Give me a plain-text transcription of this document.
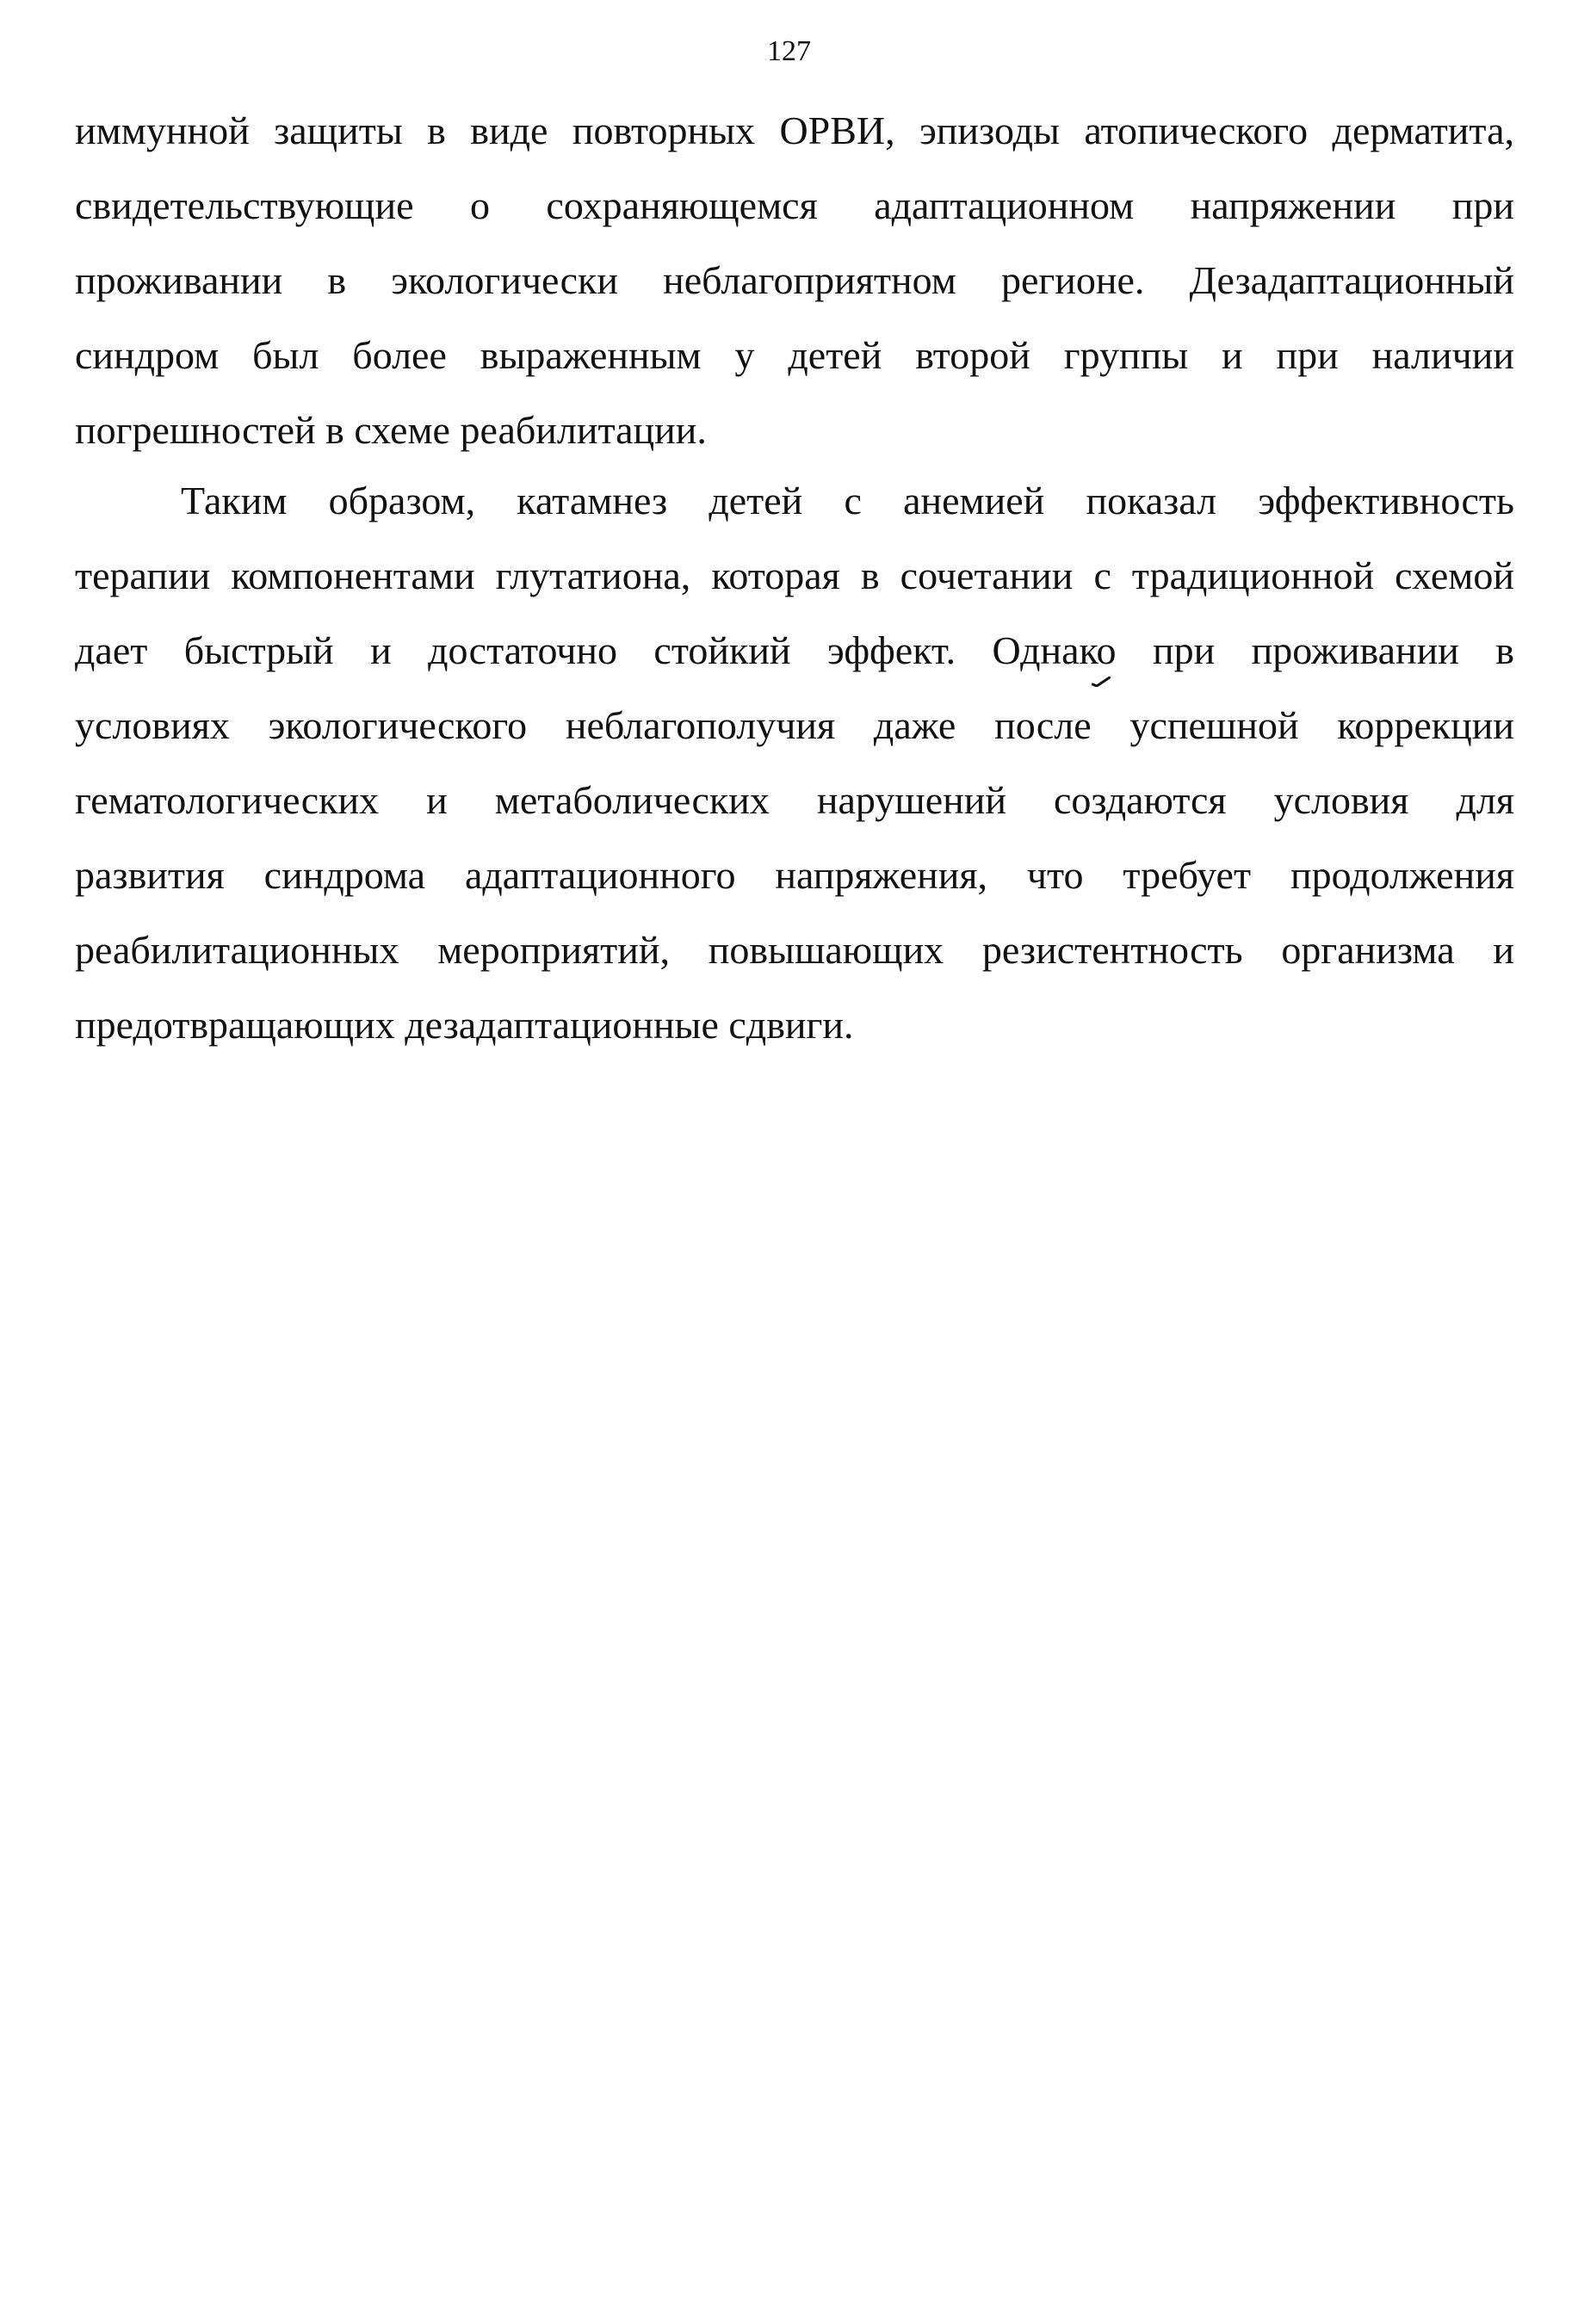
127
иммунной защиты в виде повторных ОРВИ, эпизоды атопического дерматита,
свидетельствующие о сохраняющемся адаптационном напряжении при
проживании в экологически неблагоприятном регионе. Дезадаптационный
синдром был более выраженным у детей второй группы и при наличии
погрешностей в схеме реабилитации.
Таким образом, катамнез детей с анемией показал эффективность
терапии компонентами глутатиона, которая в сочетании с традиционной схемой
дает быстрый и достаточно стойкий эффект. Однако при проживании в
условиях экологического неблагополучия даже после успешной коррекции
гематологических и метаболических нарушений создаются условия для
развития синдрома адаптационного напряжения, что требует продолжения
реабилитационных мероприятий, повышающих резистентность организма и
предотвращающих дезадаптационные сдвиги.
